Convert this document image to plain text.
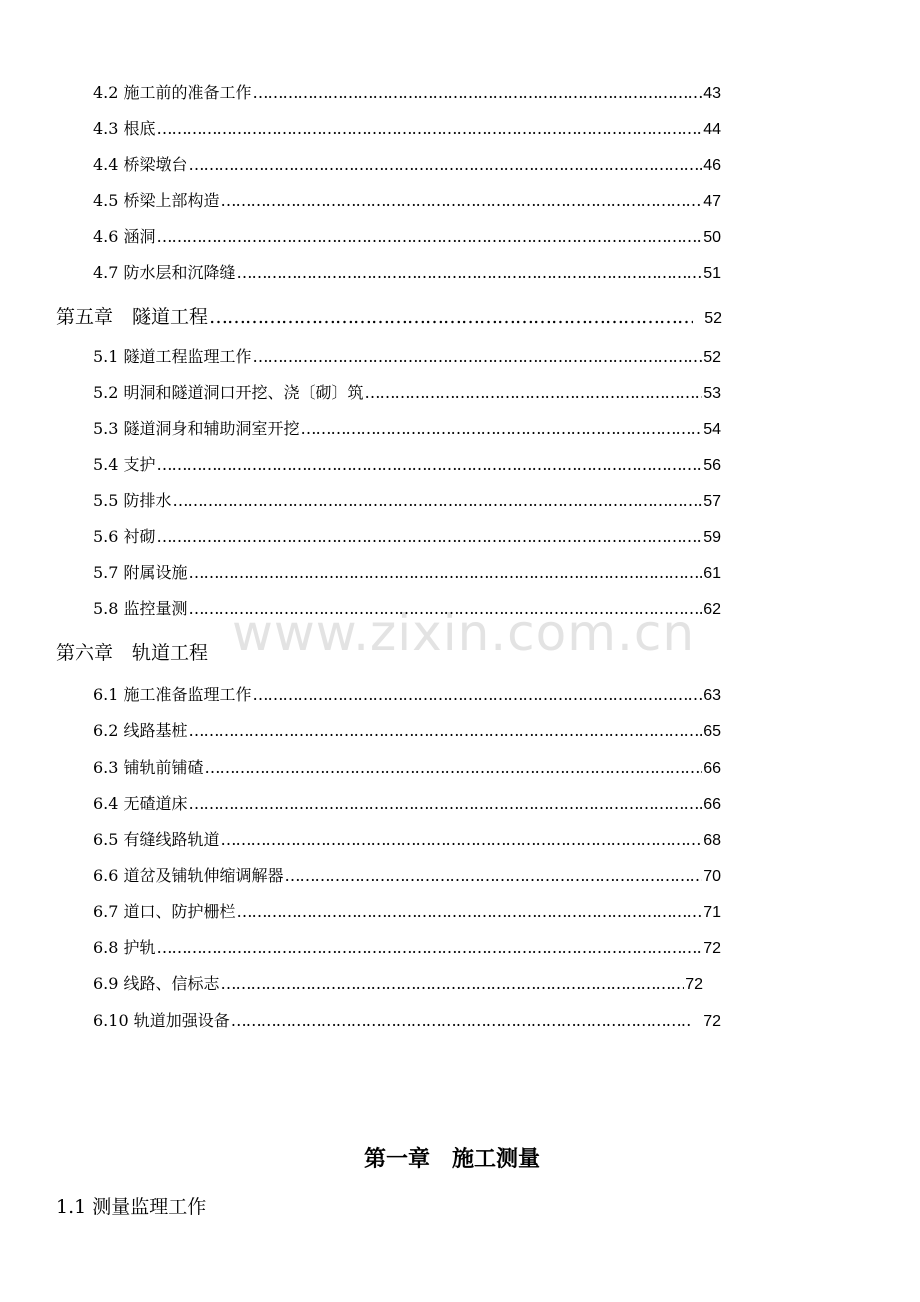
www.zixin.com.cn
4.2 施工前的准备工作 …………………………………………………………………………………………………………………………………………………………………………	43
4.3 根底 …………………………………………………………………………………………………………………………………………………………………………	44
4.4 桥梁墩台 …………………………………………………………………………………………………………………………………………………………………………	46
4.5 桥梁上部构造 …………………………………………………………………………………………………………………………………………………………………………	47
4.6 涵洞 …………………………………………………………………………………………………………………………………………………………………………	50
4.7 防水层和沉降缝 …………………………………………………………………………………………………………………………………………………………………………	51
第五章　隧道工程 …………………………………………………………………………………………………………………………………………………………………………	52
5.1 隧道工程监理工作 …………………………………………………………………………………………………………………………………………………………………………	52
5.2 明洞和隧道洞口开挖、浇〔砌〕筑 …………………………………………………………………………………………………………………………………………………………………………	53
5.3 隧道洞身和辅助洞室开挖 …………………………………………………………………………………………………………………………………………………………………………	54
5.4 支护 …………………………………………………………………………………………………………………………………………………………………………	56
5.5 防排水 …………………………………………………………………………………………………………………………………………………………………………	57
5.6 衬砌 …………………………………………………………………………………………………………………………………………………………………………	59
5.7 附属设施 …………………………………………………………………………………………………………………………………………………………………………	61
5.8 监控量测 …………………………………………………………………………………………………………………………………………………………………………	62
第六章　轨道工程
6.1 施工准备监理工作 …………………………………………………………………………………………………………………………………………………………………………	63
6.2 线路基桩 …………………………………………………………………………………………………………………………………………………………………………	65
6.3 铺轨前铺碴 …………………………………………………………………………………………………………………………………………………………………………	66
6.4 无碴道床 …………………………………………………………………………………………………………………………………………………………………………	66
6.5 有缝线路轨道 …………………………………………………………………………………………………………………………………………………………………………	68
6.6 道岔及铺轨伸缩调解器 …………………………………………………………………………………………………………………………………………………………………………	70
6.7 道口、防护栅栏 …………………………………………………………………………………………………………………………………………………………………………	71
6.8 护轨 …………………………………………………………………………………………………………………………………………………………………………	72
6.9 线路、信标志 …………………………………………………………………………………………………………………………………………………………………………	72
6.10 轨道加强设备 …………………………………………………………………………………………………………………………………………………………………………	72
第一章　施工测量
1.1 测量监理工作
